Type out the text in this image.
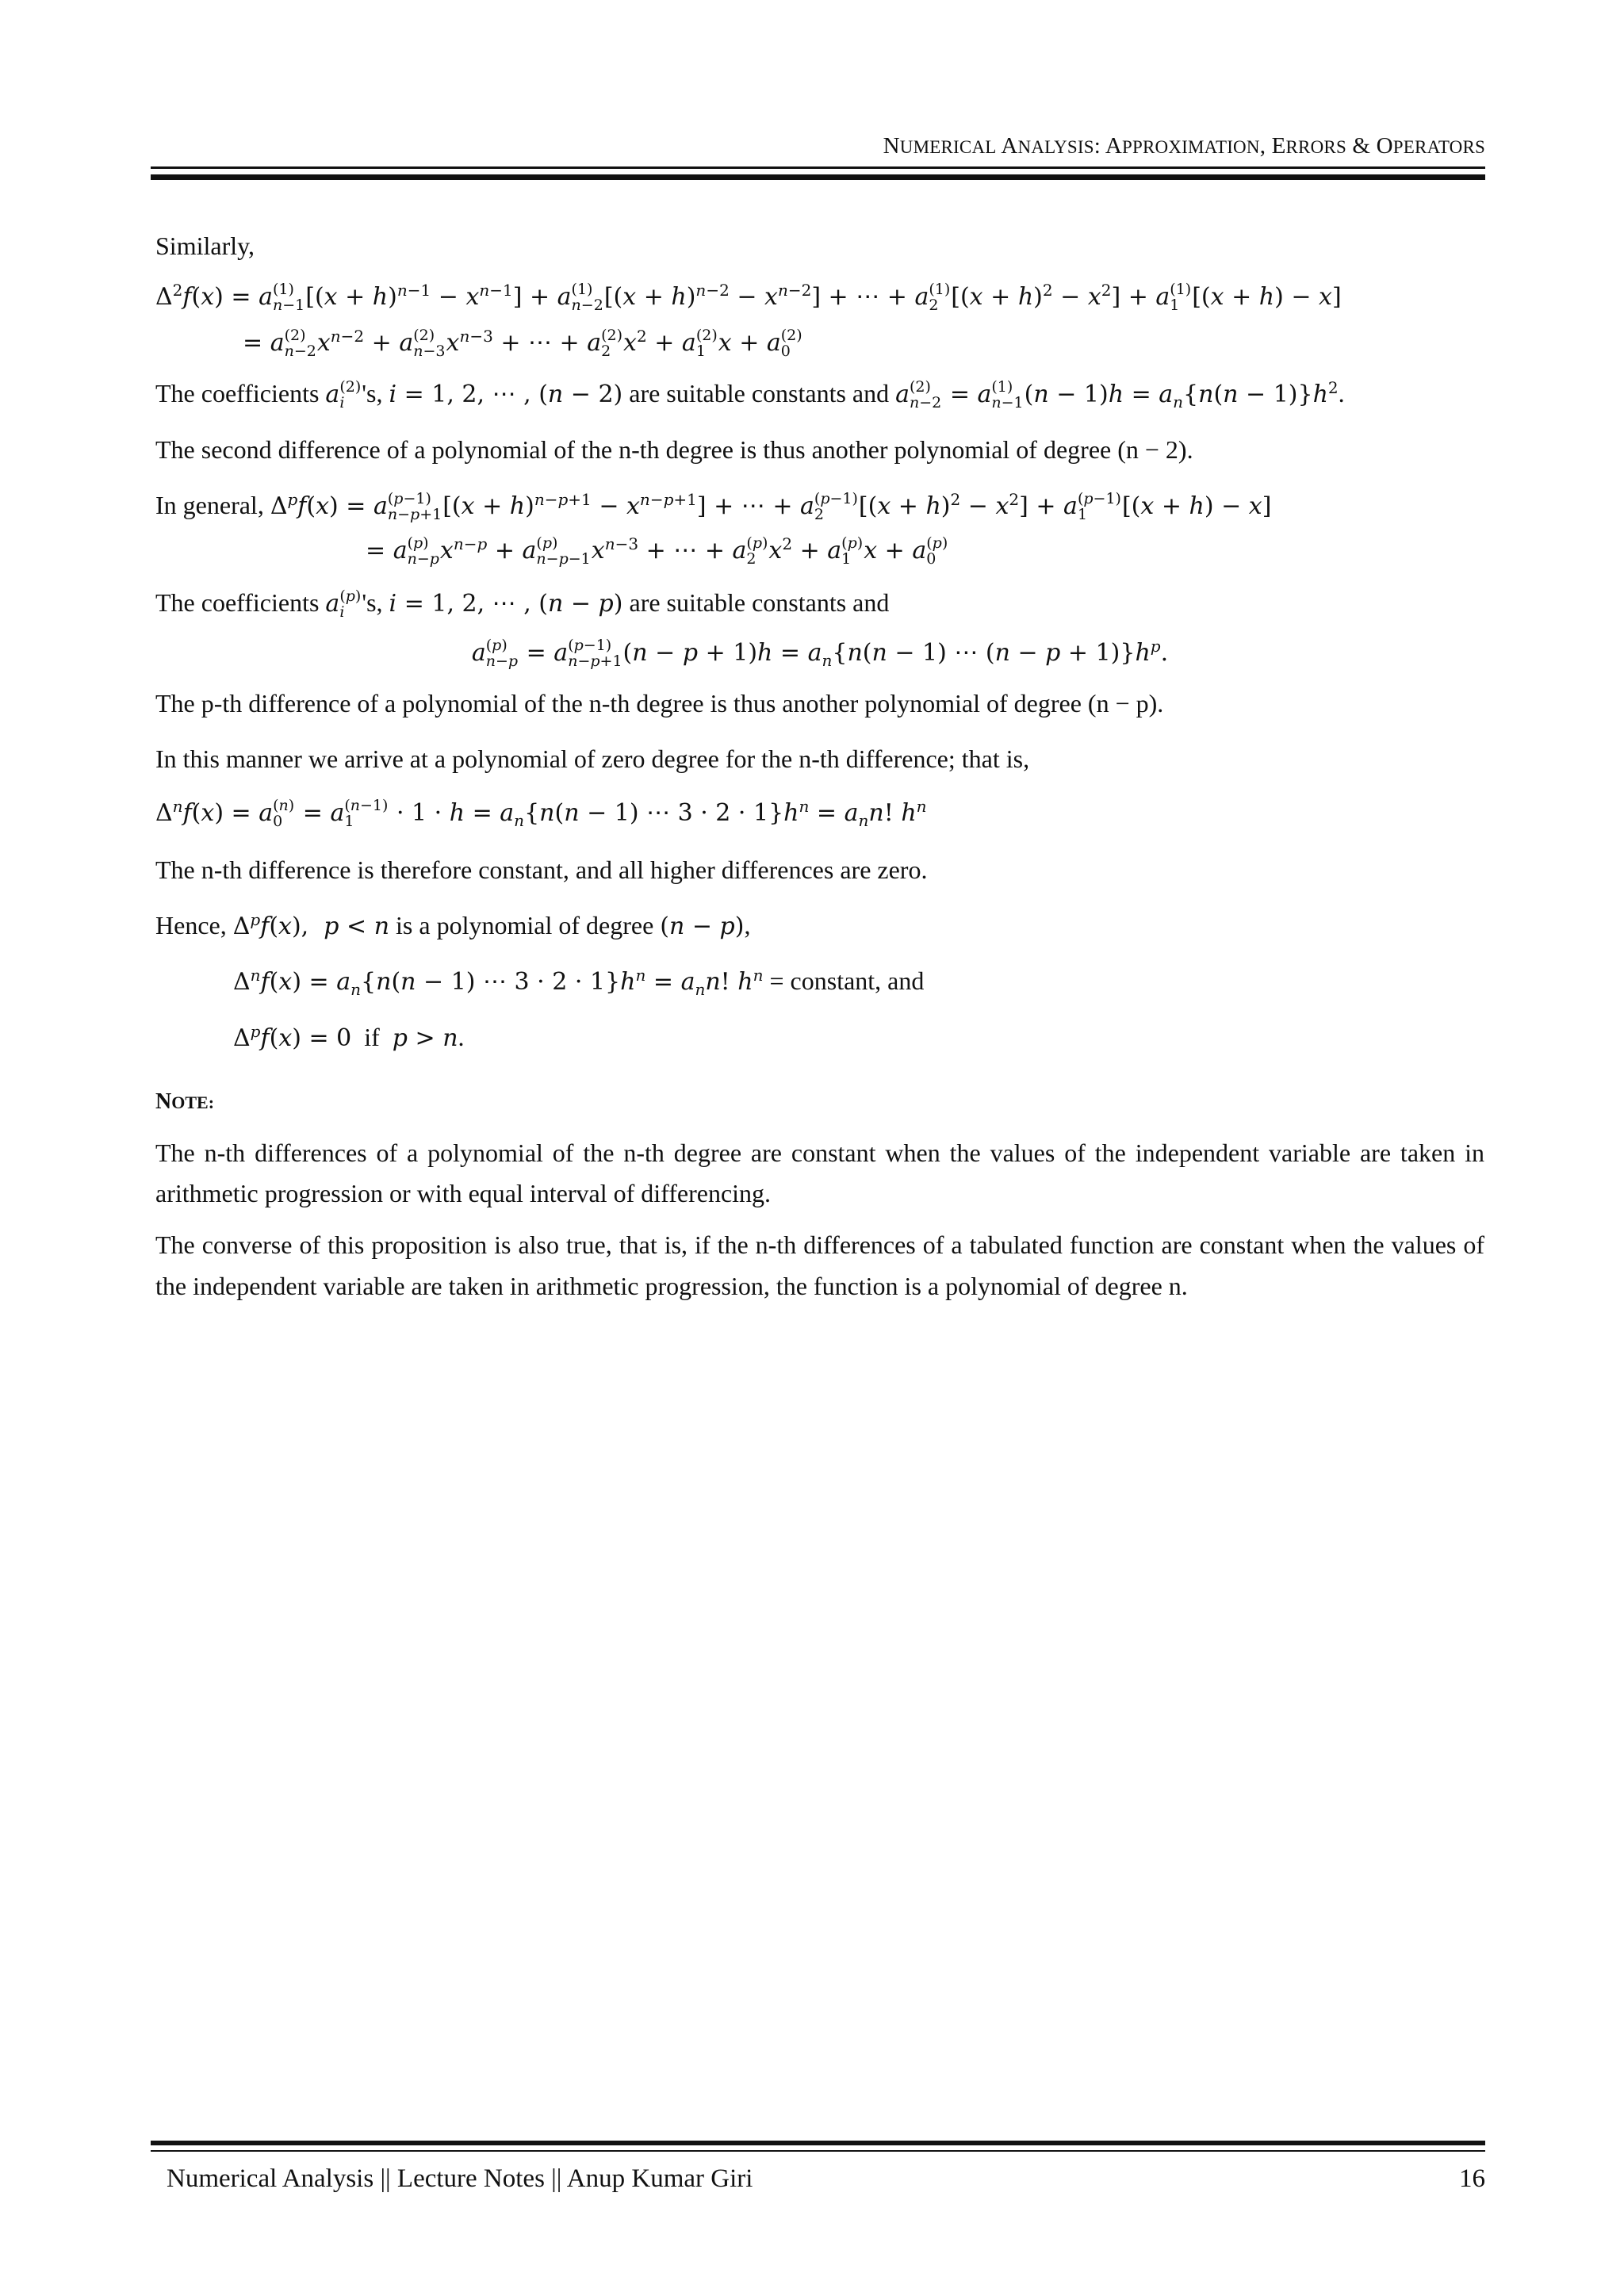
NUMERICAL ANALYSIS: APPROXIMATION, ERRORS & OPERATORS

Similarly,

$\Delta^2f(x) = a$ (1)
n−1 $[(x + h)^{n-1} - x^{n-1}] + a$ (1)
n−2 $[(x + h)^{n-2} - x^{n-2}]$ + ⋯ + a (1)
2 $[(x + h)^2 - x^2] + a$ (1)
1 [(x + h) − x]
= a (2)
n−2 $x^{n-2} + a$ (2)
n−3 $x^{n-3}$ + ⋯ + a (2)
2 $x^2 + a$ (2)
1 x + a (2)
0

The coefficients a (2)
i 's, i = 1, 2, ⋯ , (n − 2) are suitable constants and a (2)
n−2 = a (1)
n−1 $(n - 1)h = a_n\{n(n - 1)\}h^2$.

The second difference of a polynomial of the n-th degree is thus another polynomial of degree (n − 2).

In general, $\Delta^pf(x) = a$ (p−1)
n−p+1 $[(x + h)^{n-p+1} - x^{n-p+1}]$ + ⋯ + a (p−1)
2	$[(x + h)^2 - x^2] + a$ (p−1)
1	[(x + h) − x]

= a (p)
n−p $x^{n-p} + a$ (p)
n−p−1 $x^{n-3}$ + ⋯ + a (p)
2 $x^2 + a$ (p)
1 x + a (p)
0

The coefficients a (p)
i 's, i = 1, 2, ⋯ , (n − p) are suitable constants and

a (p)
n−p = a (p−1)
n−p+1 $(n - p + 1)h = a_n\{n(n - 1)$ ⋯ $(n - p + 1)\}h^p$.

The p-th difference of a polynomial of the n-th degree is thus another polynomial of degree (n − p).

In this manner we arrive at a polynomial of zero degree for the n-th difference; that is,

$\Delta^nf(x) = a$ (n)
0 = a (n−1)
1	· $1 \cdot h = a_n\{n(n - 1)$ ⋯ $3 \cdot 2 \cdot 1\}h^n = a_nn$! $h^n$

The n-th difference is therefore constant, and all higher differences are zero.

Hence, $\Delta^pf(x)$,  p < n is a polynomial of degree (n − p),

$\Delta^nf(x) = a_n\{n(n - 1)$ ⋯ $3 \cdot 2 \cdot 1\}h^n = a_nn$! $h^n$ = constant, and

$\Delta^pf(x) = 0$ if p > n.

NOTE:

The n-th differences of a polynomial of the n-th degree are constant when the values of the independent variable are taken in arithmetic progression or with equal interval of differencing.

The converse of this proposition is also true, that is, if the n-th differences of a tabulated function are constant when the values of the independent variable are taken in arithmetic progression, the function is a polynomial of degree n.

Numerical Analysis || Lecture Notes || Anup Kumar Giri	16
